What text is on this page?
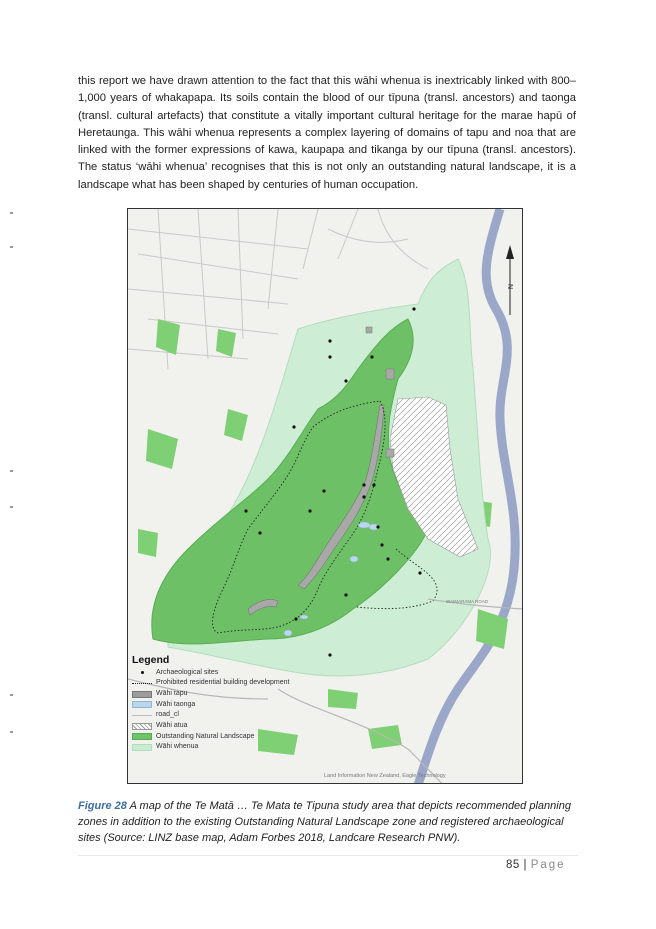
this report we have drawn attention to the fact that this wāhi whenua is inextricably linked with 800–1,000 years of whakapapa. Its soils contain the blood of our tīpuna (transl. ancestors) and taonga (transl. cultural artefacts) that constitute a vitally important cultural heritage for the marae hapū of Heretaunga. This wāhi whenua represents a complex layering of domains of tapu and noa that are linked with the former expressions of kawa, kaupapa and tikanga by our tīpuna (transl. ancestors). The status ‘wāhi whenua’ recognises that this is not only an outstanding natural landscape, it is a landscape what has been shaped by centuries of human occupation.
WAIMARAMA ROAD
N
Legend
Archaeological sites
Prohibited residential building development
Wāhi tapu
Wāhi taonga
road_cl
Wāhi atua
Outstanding Natural Landscape
Wāhi whenua
Land Information New Zealand, Eagle Technology
Figure 28 A map of the Te Matā … Te Mata te Tipuna study area that depicts recommended planning zones in addition to the existing Outstanding Natural Landscape zone and registered archaeological sites (Source: LINZ base map, Adam Forbes 2018, Landcare Research PNW).
85 | Page
